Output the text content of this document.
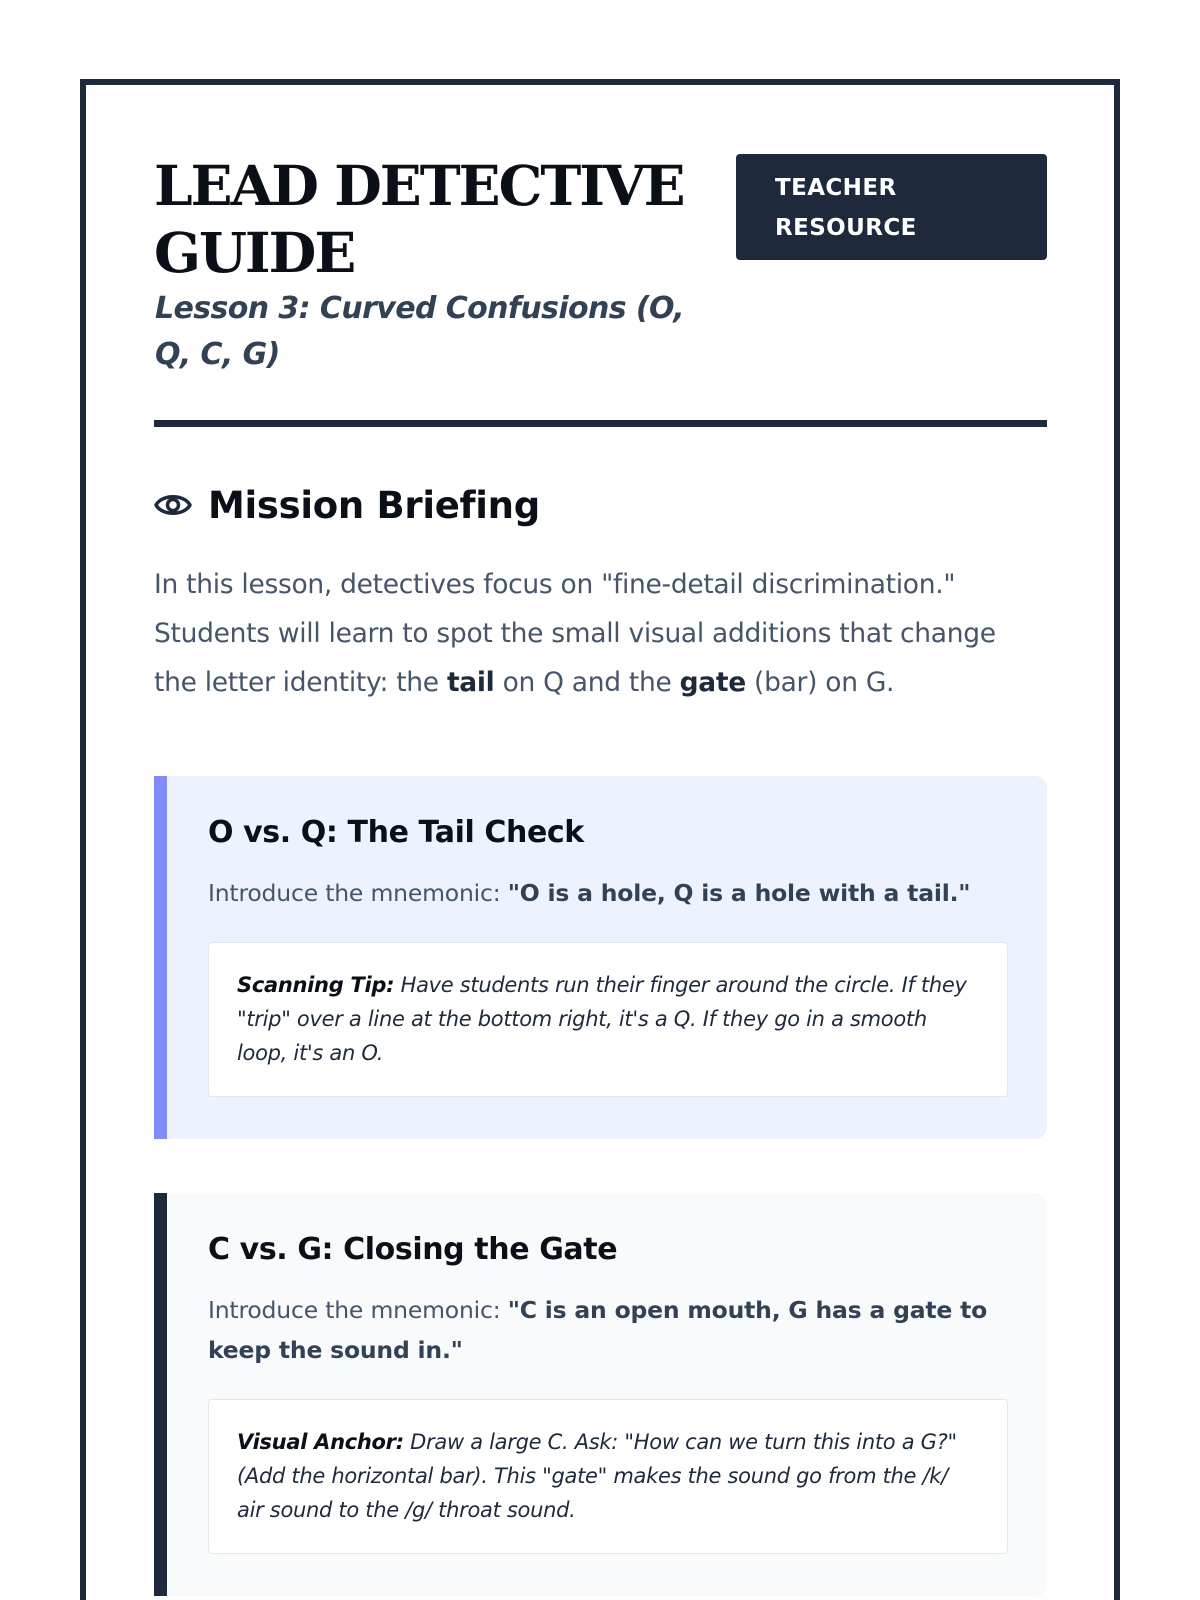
LEAD DETECTIVE GUIDE

Lesson 3: Curved Confusions (O, Q, C, G)

TEACHER RESOURCE
Mission Briefing

In this lesson, detectives focus on "fine-detail discrimination." Students will learn to spot the small visual additions that change the letter identity: the tail on Q and the gate (bar) on G.

O vs. Q: The Tail Check

Introduce the mnemonic: "O is a hole, Q is a hole with a tail."

Scanning Tip: Have students run their finger around the circle. If they "trip" over a line at the bottom right, it's a Q. If they go in a smooth loop, it's an O.
C vs. G: Closing the Gate

Introduce the mnemonic: "C is an open mouth, G has a gate to keep the sound in."

Visual Anchor: Draw a large C. Ask: "How can we turn this into a G?" (Add the horizontal bar). This "gate" makes the sound go from the /k/ air sound to the /g/ throat sound.
